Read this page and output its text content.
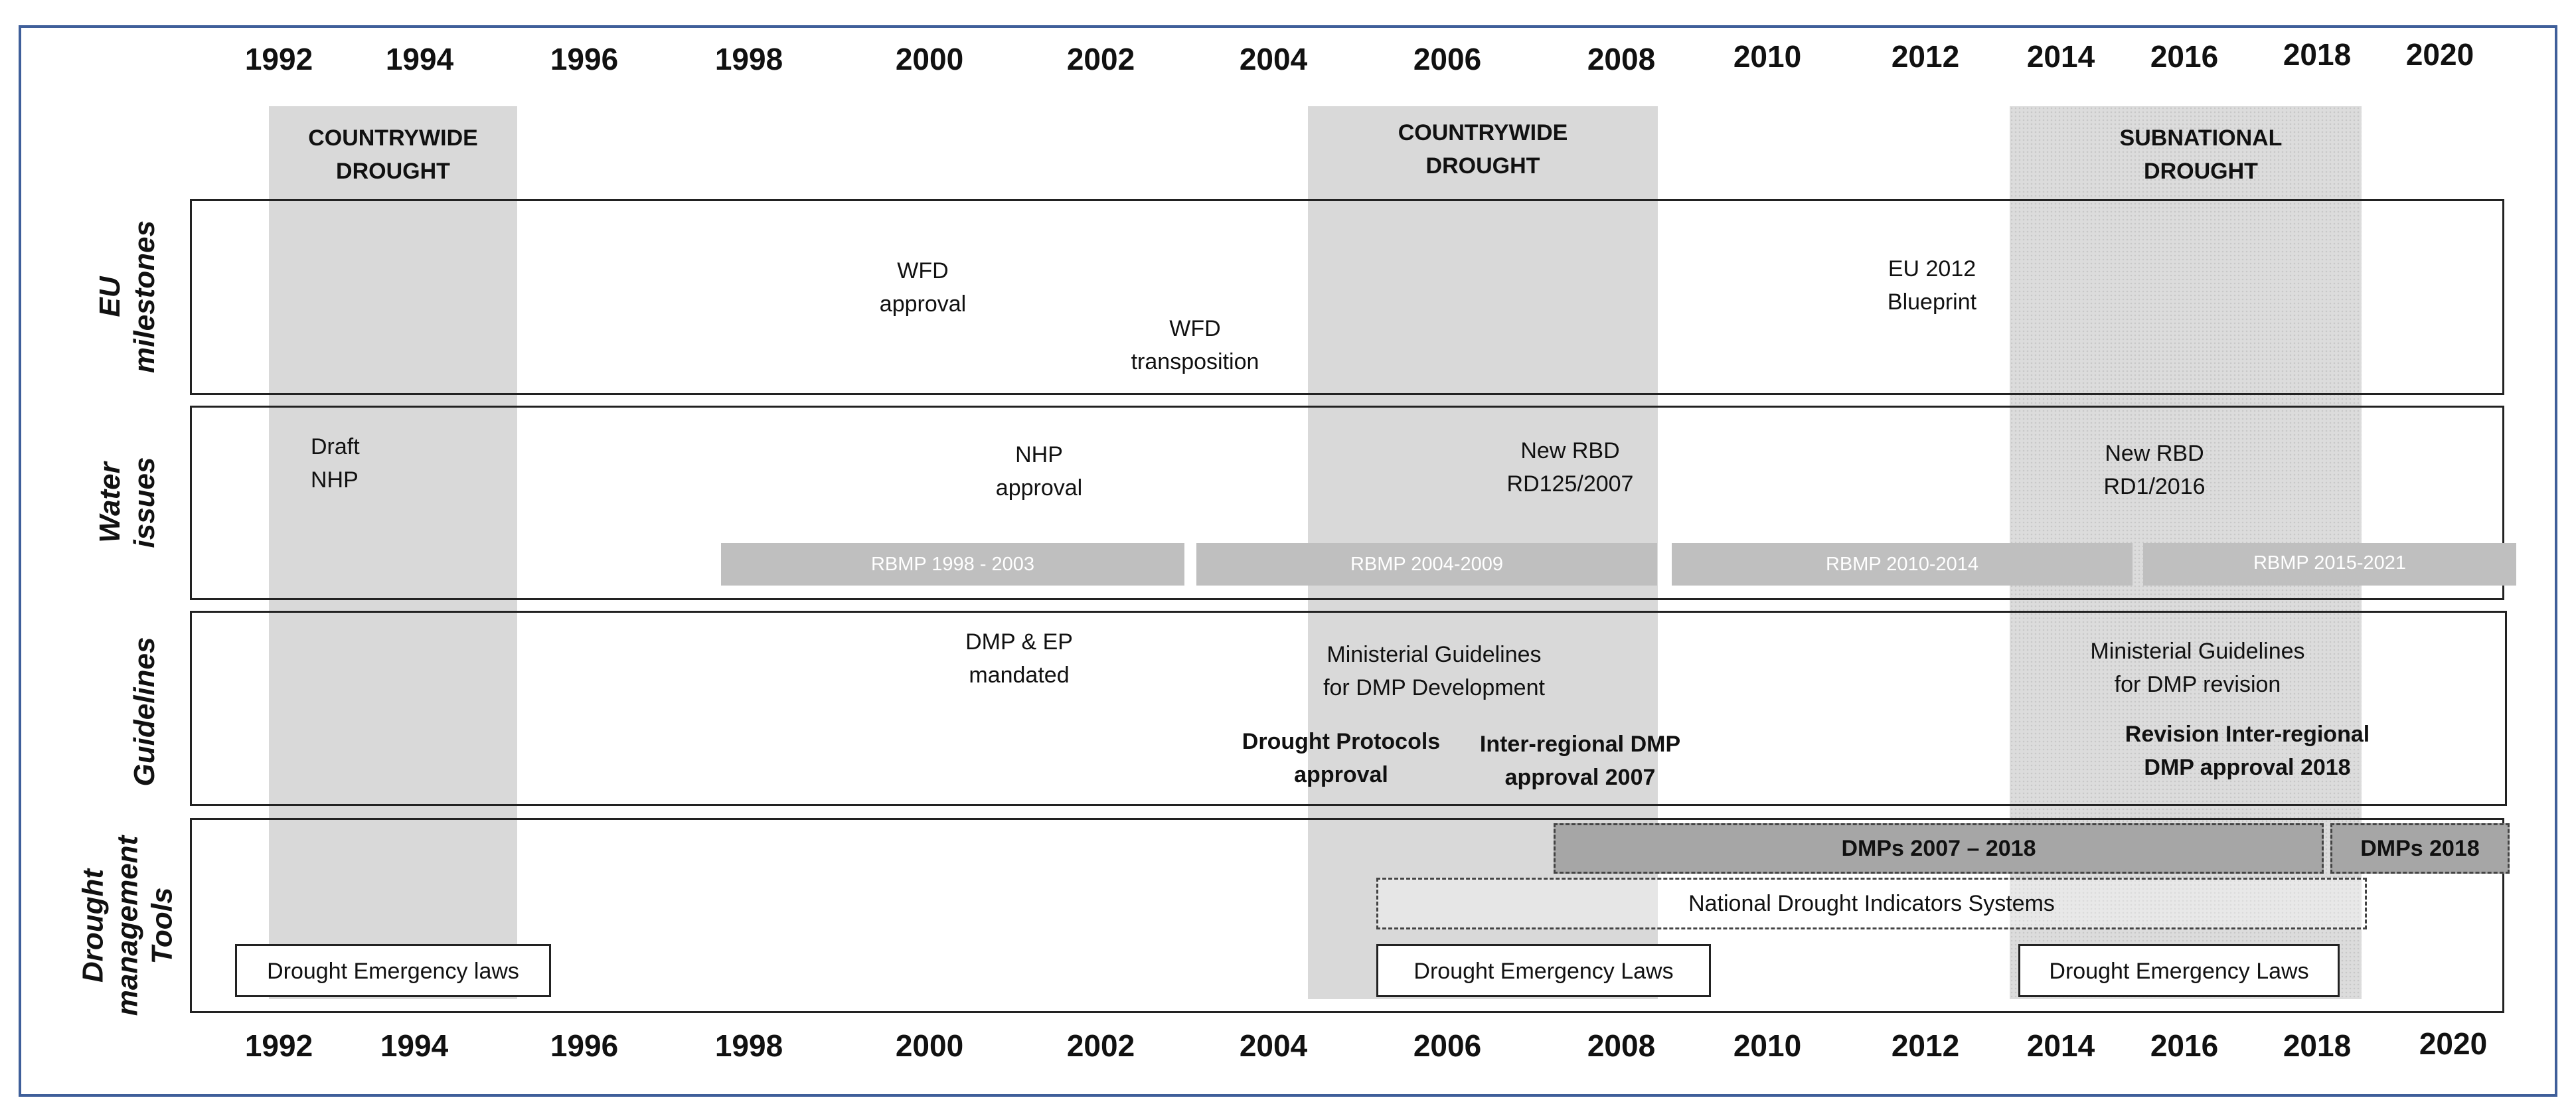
COUNTRYWIDE
DROUGHT
COUNTRYWIDE
DROUGHT
SUBNATIONAL
DROUGHT
1992	1994	1996	1998	2000	2002	2004	2006	2008	2010	2012	2014	2016	2018	2020
1992	1994	1996	1998	2000	2002	2004	2006	2008	2010	2012	2014	2016	2018	2020
EU milestones
Water issues
Guidelines
Drought management Tools
WFD
approval
WFD
transposition
EU 2012
Blueprint
Draft
NHP
NHP
approval
New RBD
RD125/2007
New RBD
RD1/2016
RBMP 1998 - 2003	RBMP 2004-2009	RBMP 2010-2014	RBMP 2015-2021
DMP & EP
mandated
Ministerial Guidelines
for DMP Development
Drought Protocols
approval
Inter-regional DMP
approval 2007
Ministerial Guidelines
for DMP revision
Revision Inter-regional
DMP approval 2018
DMPs 2007 – 2018	DMPs 2018
National Drought Indicators Systems
Drought Emergency laws	Drought Emergency Laws	Drought Emergency Laws
